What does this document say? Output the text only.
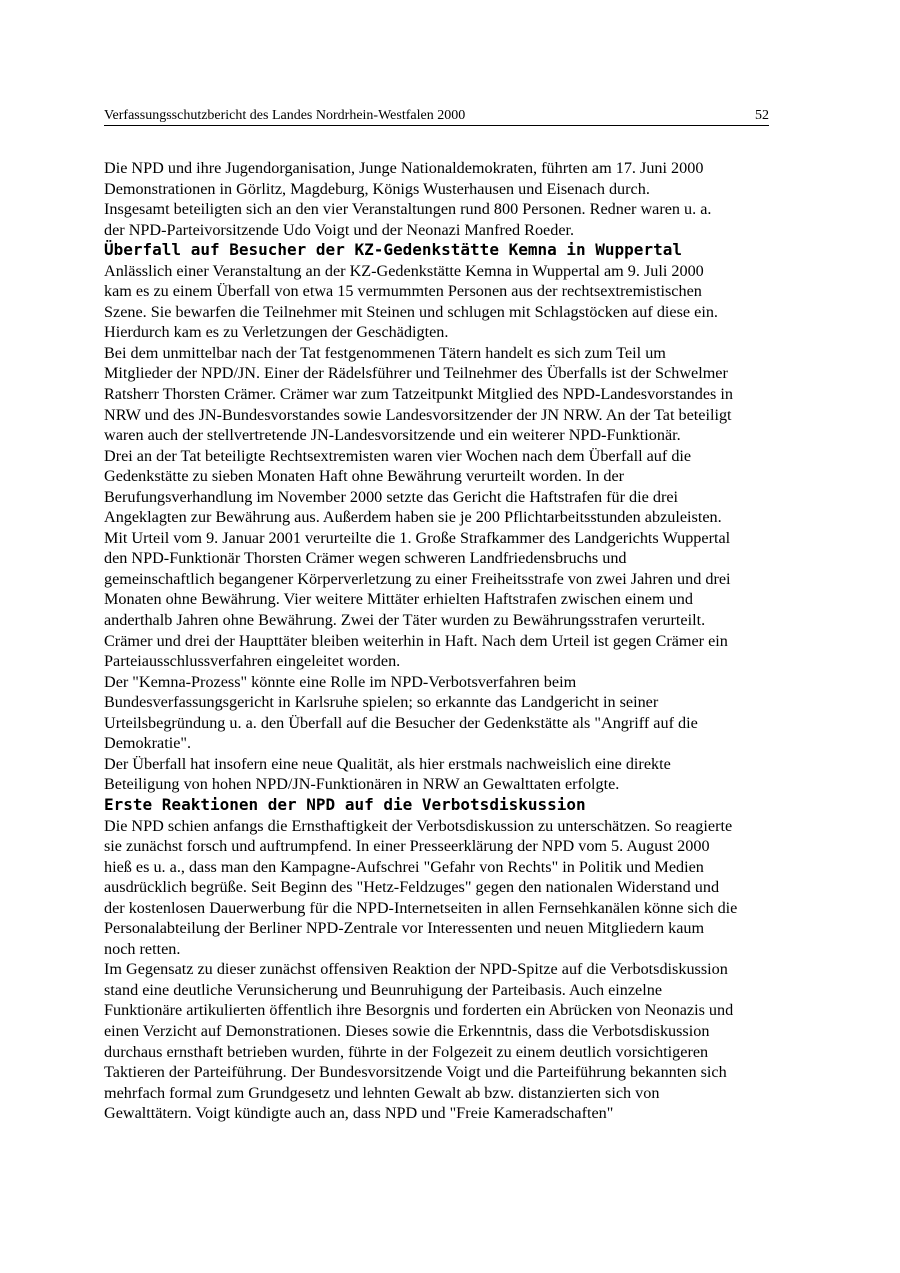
Verfassungsschutzbericht des Landes Nordrhein-Westfalen 2000	52
Die NPD und ihre Jugendorganisation, Junge Nationaldemokraten, führten am 17. Juni 2000
Demonstrationen in Görlitz, Magdeburg, Königs Wusterhausen und Eisenach durch.
Insgesamt beteiligten sich an den vier Veranstaltungen rund 800 Personen. Redner waren u. a.
der NPD-Parteivorsitzende Udo Voigt und der Neonazi Manfred Roeder.
Überfall auf Besucher der KZ-Gedenkstätte Kemna in Wuppertal
Anlässlich einer Veranstaltung an der KZ-Gedenkstätte Kemna in Wuppertal am 9. Juli 2000
kam es zu einem Überfall von etwa 15 vermummten Personen aus der rechtsextremistischen
Szene. Sie bewarfen die Teilnehmer mit Steinen und schlugen mit Schlagstöcken auf diese ein.
Hierdurch kam es zu Verletzungen der Geschädigten.
Bei dem unmittelbar nach der Tat festgenommenen Tätern handelt es sich zum Teil um
Mitglieder der NPD/JN. Einer der Rädelsführer und Teilnehmer des Überfalls ist der Schwelmer
Ratsherr Thorsten Crämer. Crämer war zum Tatzeitpunkt Mitglied des NPD-Landesvorstandes in
NRW und des JN-Bundesvorstandes sowie Landesvorsitzender der JN NRW. An der Tat beteiligt
waren auch der stellvertretende JN-Landesvorsitzende und ein weiterer NPD-Funktionär.
Drei an der Tat beteiligte Rechtsextremisten waren vier Wochen nach dem Überfall auf die
Gedenkstätte zu sieben Monaten Haft ohne Bewährung verurteilt worden. In der
Berufungsverhandlung im November 2000 setzte das Gericht die Haftstrafen für die drei
Angeklagten zur Bewährung aus. Außerdem haben sie je 200 Pflichtarbeitsstunden abzuleisten.
Mit Urteil vom 9. Januar 2001 verurteilte die 1. Große Strafkammer des Landgerichts Wuppertal
den NPD-Funktionär Thorsten Crämer wegen schweren Landfriedensbruchs und
gemeinschaftlich begangener Körperverletzung zu einer Freiheitsstrafe von zwei Jahren und drei
Monaten ohne Bewährung. Vier weitere Mittäter erhielten Haftstrafen zwischen einem und
anderthalb Jahren ohne Bewährung. Zwei der Täter wurden zu Bewährungsstrafen verurteilt.
Crämer und drei der Haupttäter bleiben weiterhin in Haft. Nach dem Urteil ist gegen Crämer ein
Parteiausschlussverfahren eingeleitet worden.
Der "Kemna-Prozess" könnte eine Rolle im NPD-Verbotsverfahren beim
Bundesverfassungsgericht in Karlsruhe spielen; so erkannte das Landgericht in seiner
Urteilsbegründung u. a. den Überfall auf die Besucher der Gedenkstätte als "Angriff auf die
Demokratie".
Der Überfall hat insofern eine neue Qualität, als hier erstmals nachweislich eine direkte
Beteiligung von hohen NPD/JN-Funktionären in NRW an Gewalttaten erfolgte.
Erste Reaktionen der NPD auf die Verbotsdiskussion
Die NPD schien anfangs die Ernsthaftigkeit der Verbotsdiskussion zu unterschätzen. So reagierte
sie zunächst forsch und auftrumpfend. In einer Presseerklärung der NPD vom 5. August 2000
hieß es u. a., dass man den Kampagne-Aufschrei "Gefahr von Rechts" in Politik und Medien
ausdrücklich begrüße. Seit Beginn des "Hetz-Feldzuges" gegen den nationalen Widerstand und
der kostenlosen Dauerwerbung für die NPD-Internetseiten in allen Fernsehkanälen könne sich die
Personalabteilung der Berliner NPD-Zentrale vor Interessenten und neuen Mitgliedern kaum
noch retten.
Im Gegensatz zu dieser zunächst offensiven Reaktion der NPD-Spitze auf die Verbotsdiskussion
stand eine deutliche Verunsicherung und Beunruhigung der Parteibasis. Auch einzelne
Funktionäre artikulierten öffentlich ihre Besorgnis und forderten ein Abrücken von Neonazis und
einen Verzicht auf Demonstrationen. Dieses sowie die Erkenntnis, dass die Verbotsdiskussion
durchaus ernsthaft betrieben wurden, führte in der Folgezeit zu einem deutlich vorsichtigeren
Taktieren der Parteiführung. Der Bundesvorsitzende Voigt und die Parteiführung bekannten sich
mehrfach formal zum Grundgesetz und lehnten Gewalt ab bzw. distanzierten sich von
Gewalttätern. Voigt kündigte auch an, dass NPD und "Freie Kameradschaften"
